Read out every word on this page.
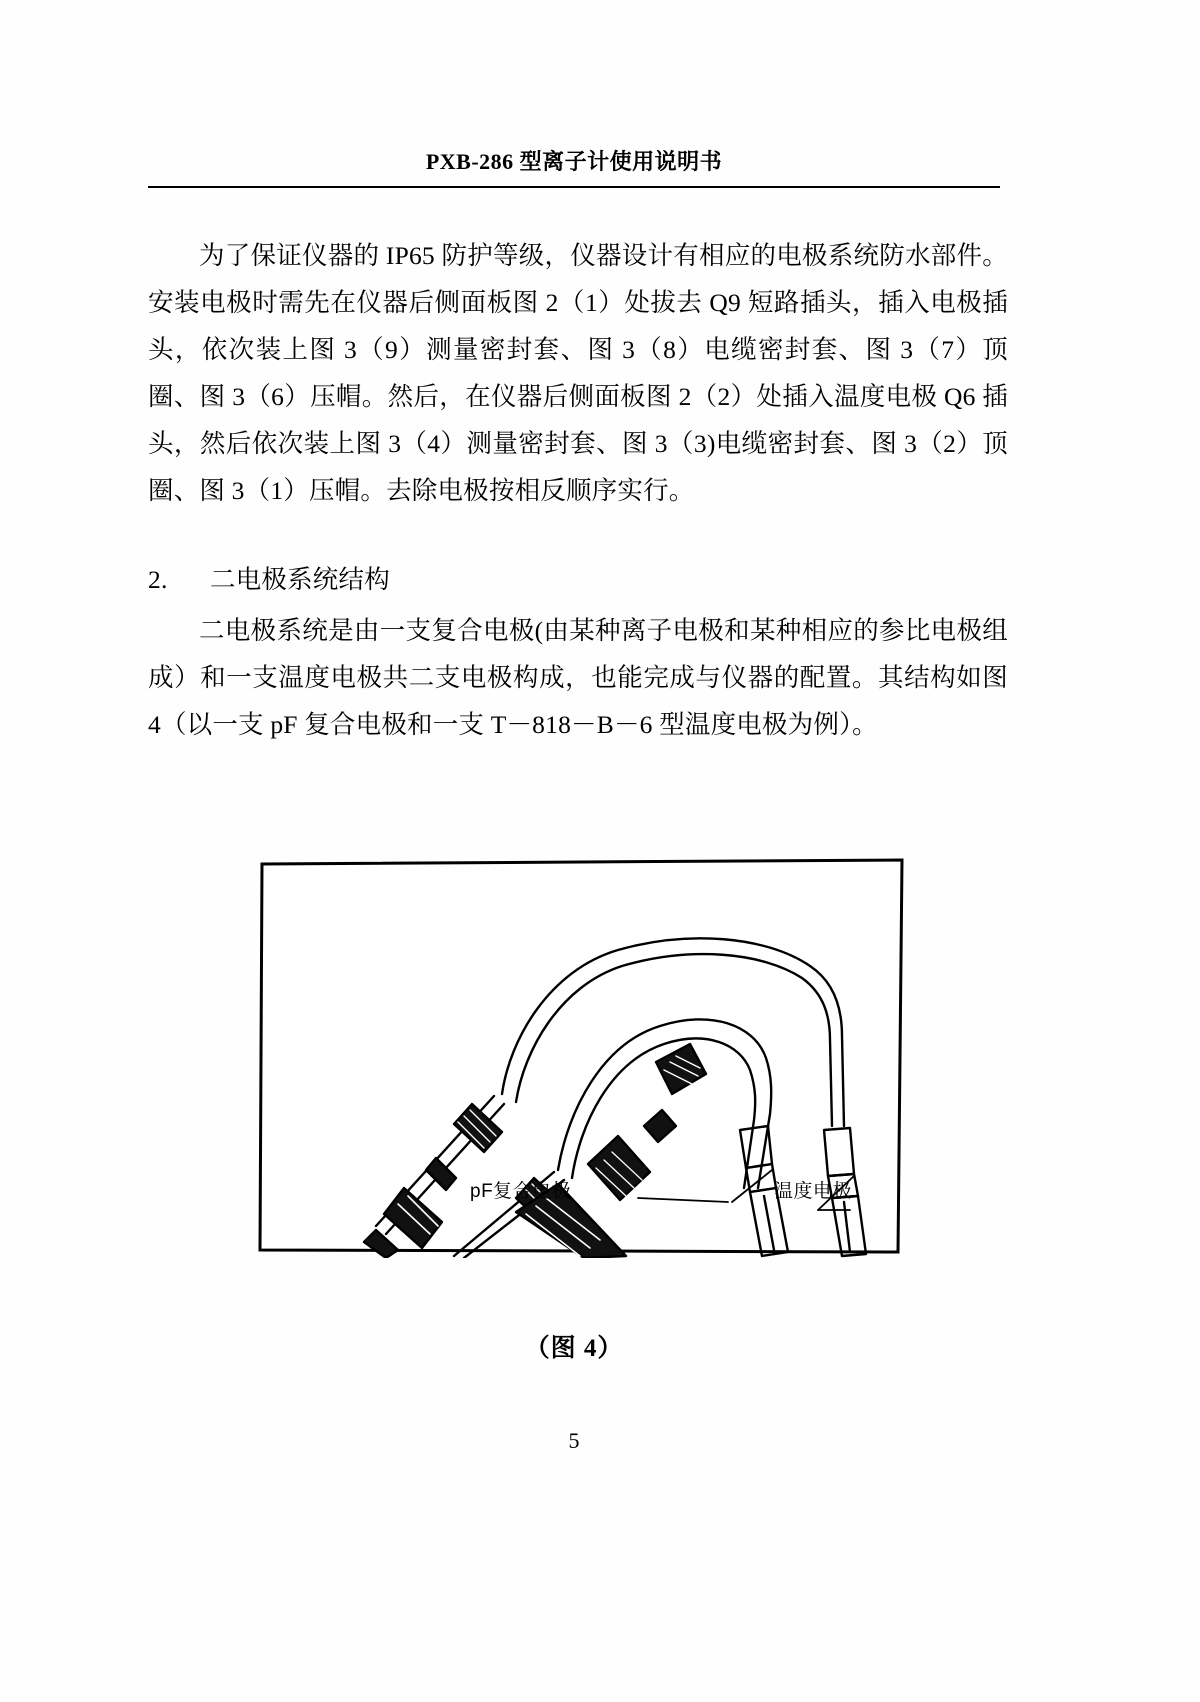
PXB-286 型离子计使用说明书

为了保证仪器的 IP65 防护等级，仪器设计有相应的电极系统防水部件。安装电极时需先在仪器后侧面板图 2（1）处拔去 Q9 短路插头，插入电极插头，依次装上图 3（9）测量密封套、图 3（8）电缆密封套、图 3（7）顶圈、图 3（6）压帽。然后，在仪器后侧面板图 2（2）处插入温度电极 Q6 插头，然后依次装上图 3（4）测量密封套、图 3（3)电缆密封套、图 3（2）顶圈、图 3（1）压帽。去除电极按相反顺序实行。

2. 二电极系统结构

二电极系统是由一支复合电极(由某种离子电极和某种相应的参比电极组成）和一支温度电极共二支电极构成，也能完成与仪器的配置。其结构如图 4（以一支 pF 复合电极和一支 T－818－B－6 型温度电极为例）。

pF复合电极	温度电极
（图 4）
5
